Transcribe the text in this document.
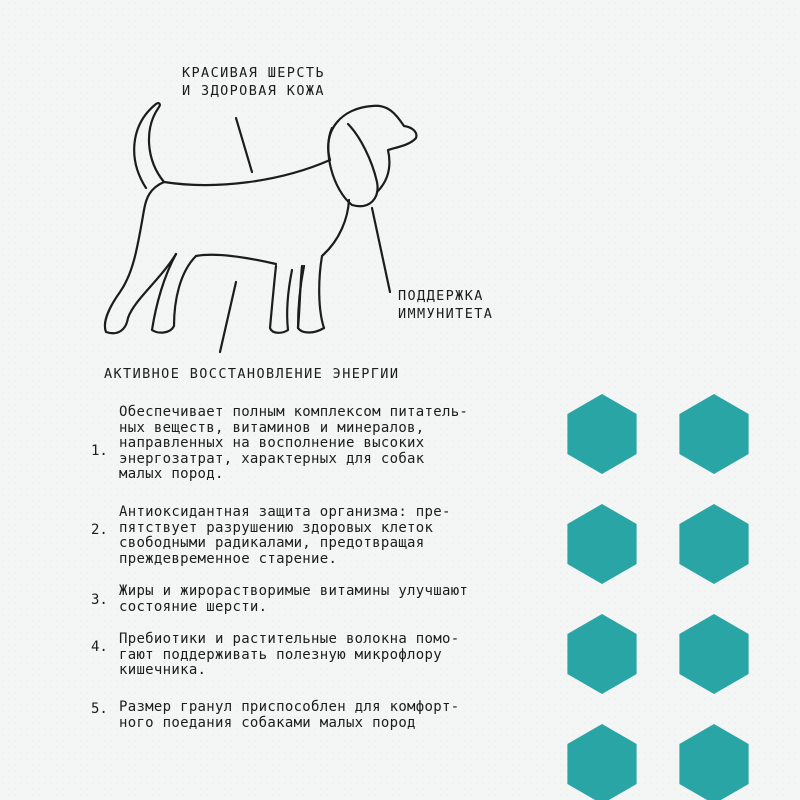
КРАСИВАЯ ШЕРСТЬ
И ЗДОРОВАЯ КОЖА
ПОДДЕРЖКА
ИММУНИТЕТА
АКТИВНОЕ ВОССТАНОВЛЕНИЕ ЭНЕРГИИ
1.

Обеспечивает полным комплексом питатель-
ных веществ, витаминов и минералов,
направленных на восполнение высоких
энергозатрат, характерных для собак
малых пород.

2.

Антиоксидантная защита организма: пре-
пятствует разрушению здоровых клеток
свободными радикалами, предотвращая
преждевременное старение.

3.

Жиры и жирорастворимые витамины улучшают
состояние шерсти.

4. Пребиотики и растительные волокна помо-
гают поддерживать полезную микрофлору
кишечника.

5. Размер гранул приспособлен для комфорт-
ного поедания собаками малых пород
